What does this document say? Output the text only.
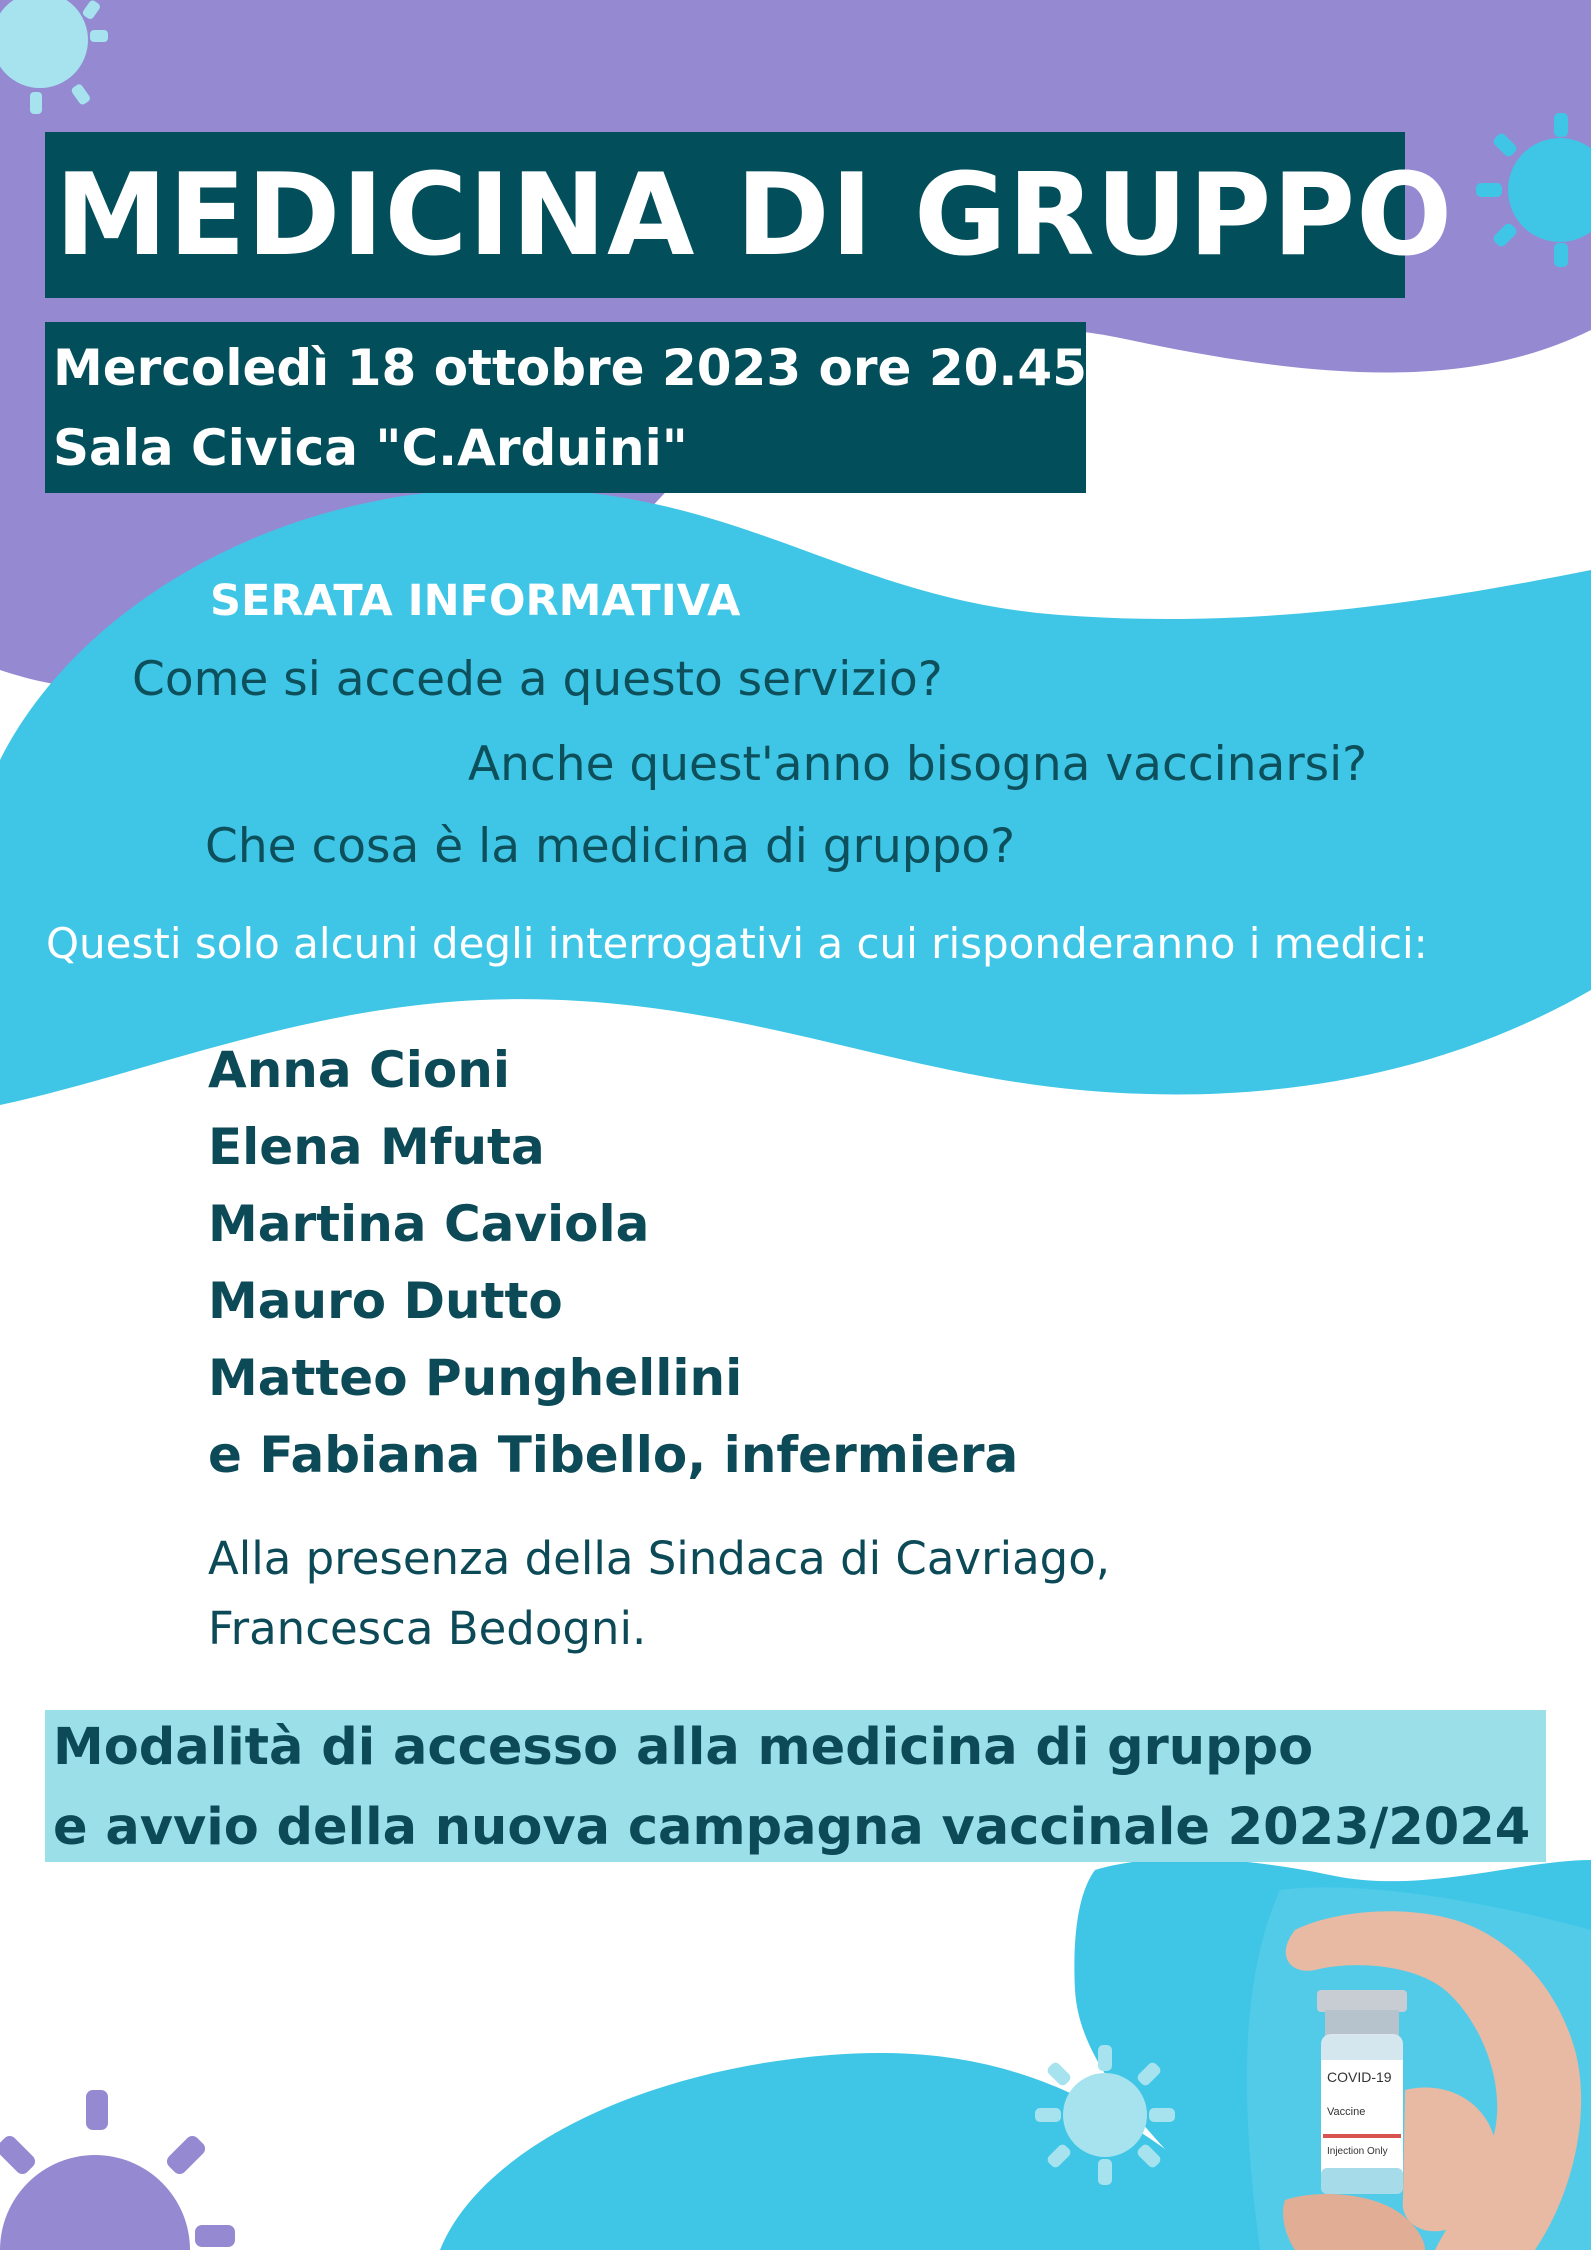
COVID-19
Vaccine
Injection Only
MEDICINA DI GRUPPO
Mercoledì 18 ottobre 2023 ore 20.45
Sala Civica "C.Arduini"
SERATA INFORMATIVA
Come si accede a questo servizio?
Anche quest'anno bisogna vaccinarsi?
Che cosa è la medicina di gruppo?
Questi solo alcuni degli interrogativi a cui risponderanno i medici:
Anna Cioni
Elena Mfuta
Martina Caviola
Mauro Dutto
Matteo Punghellini
e Fabiana Tibello, infermiera
Alla presenza della Sindaca di Cavriago,
Francesca Bedogni.
Modalità di accesso alla medicina di gruppo
e avvio della nuova campagna vaccinale 2023/2024
